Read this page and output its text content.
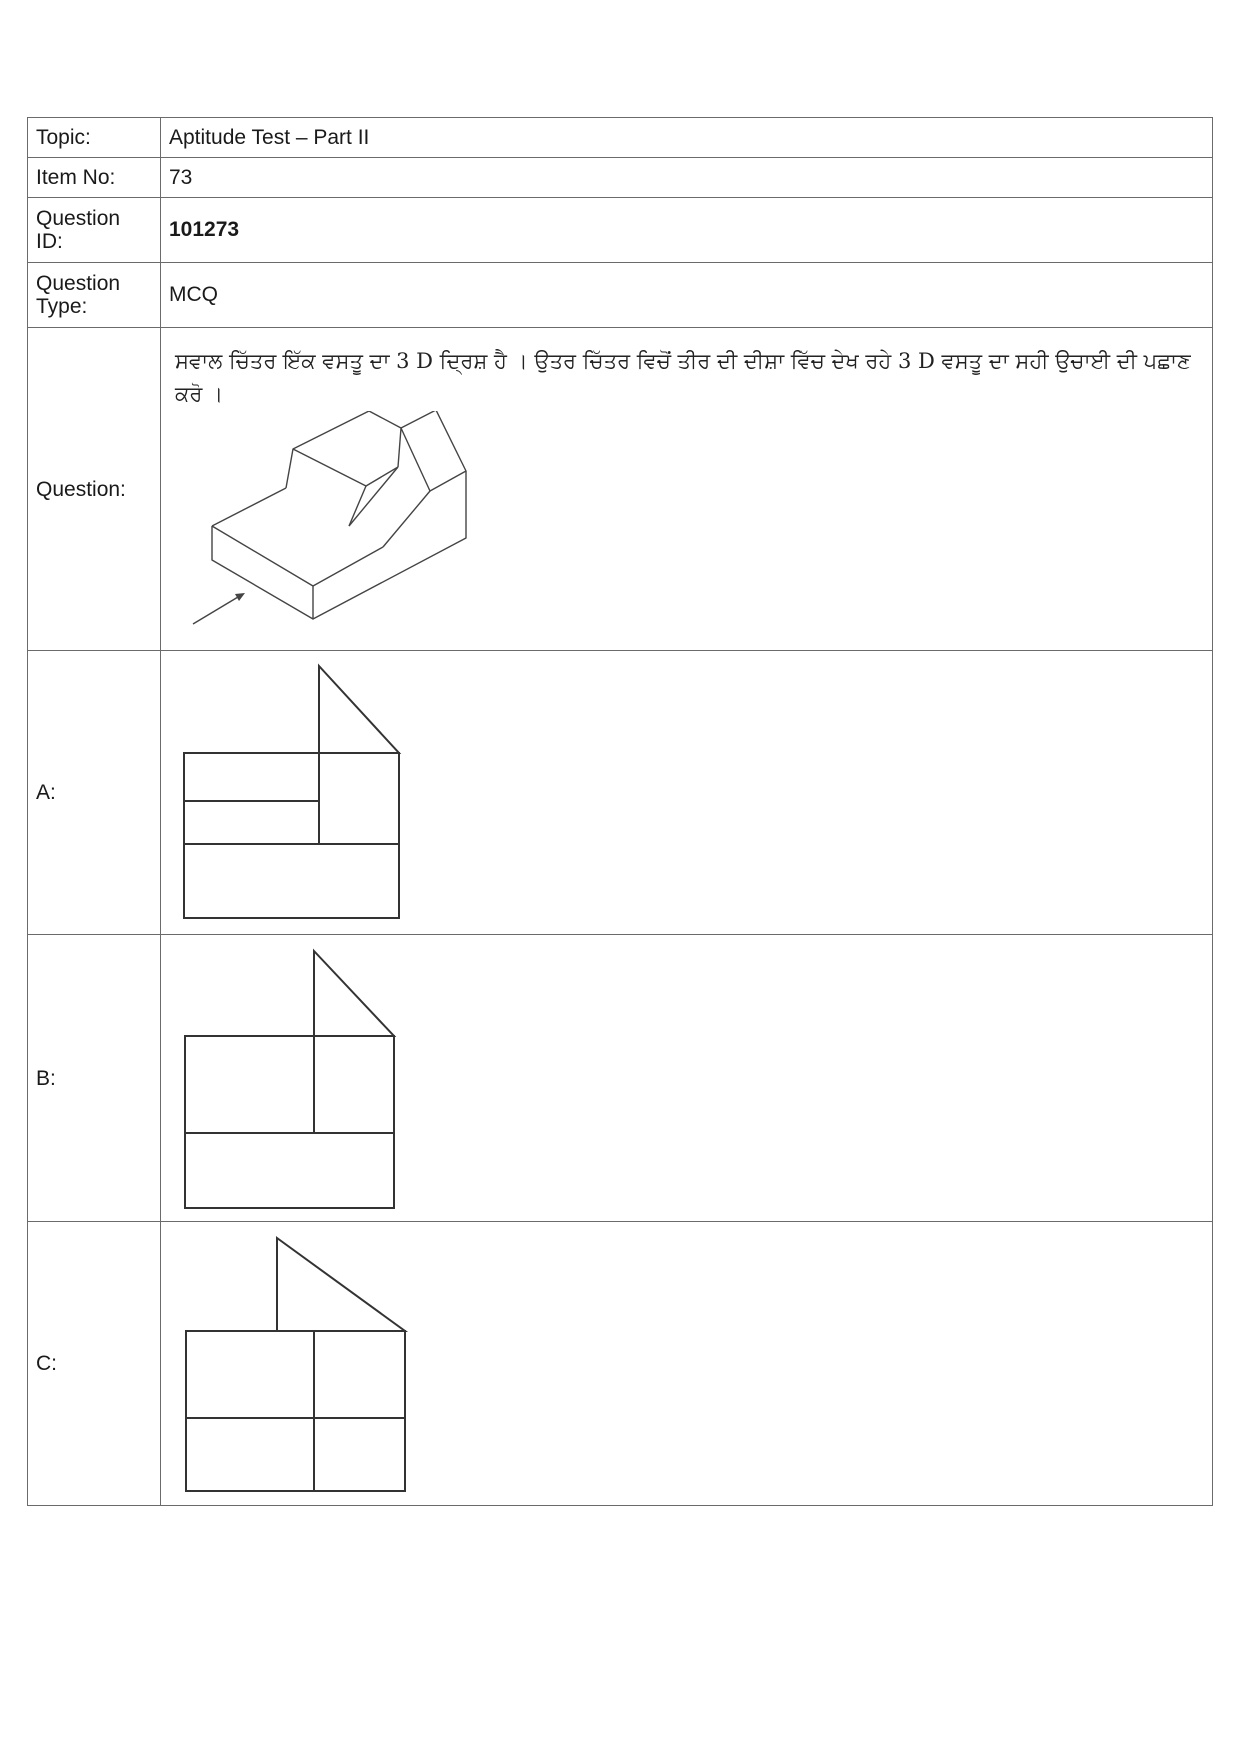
Topic:	Aptitude Test – Part II
Item No:	73
Question ID:	101273
Question Type:	MCQ
Question:	ਸਵਾਲ ਚਿੱਤਰ ਇੱਕ ਵਸਤੂ ਦਾ 3 D ਦ੍ਰਿਸ਼ ਹੈ । ਉਤਰ ਚਿੱਤਰ ਵਿਚੋਂ ਤੀਰ ਦੀ ਦੀਸ਼ਾ ਵਿੱਚ ਦੇਖ ਰਹੇ 3 D ਵਸਤੂ ਦਾ ਸਹੀ ਉਚਾਈ ਦੀ ਪਛਾਣ ਕਰੋ ।

A:	

B:	

C:	
